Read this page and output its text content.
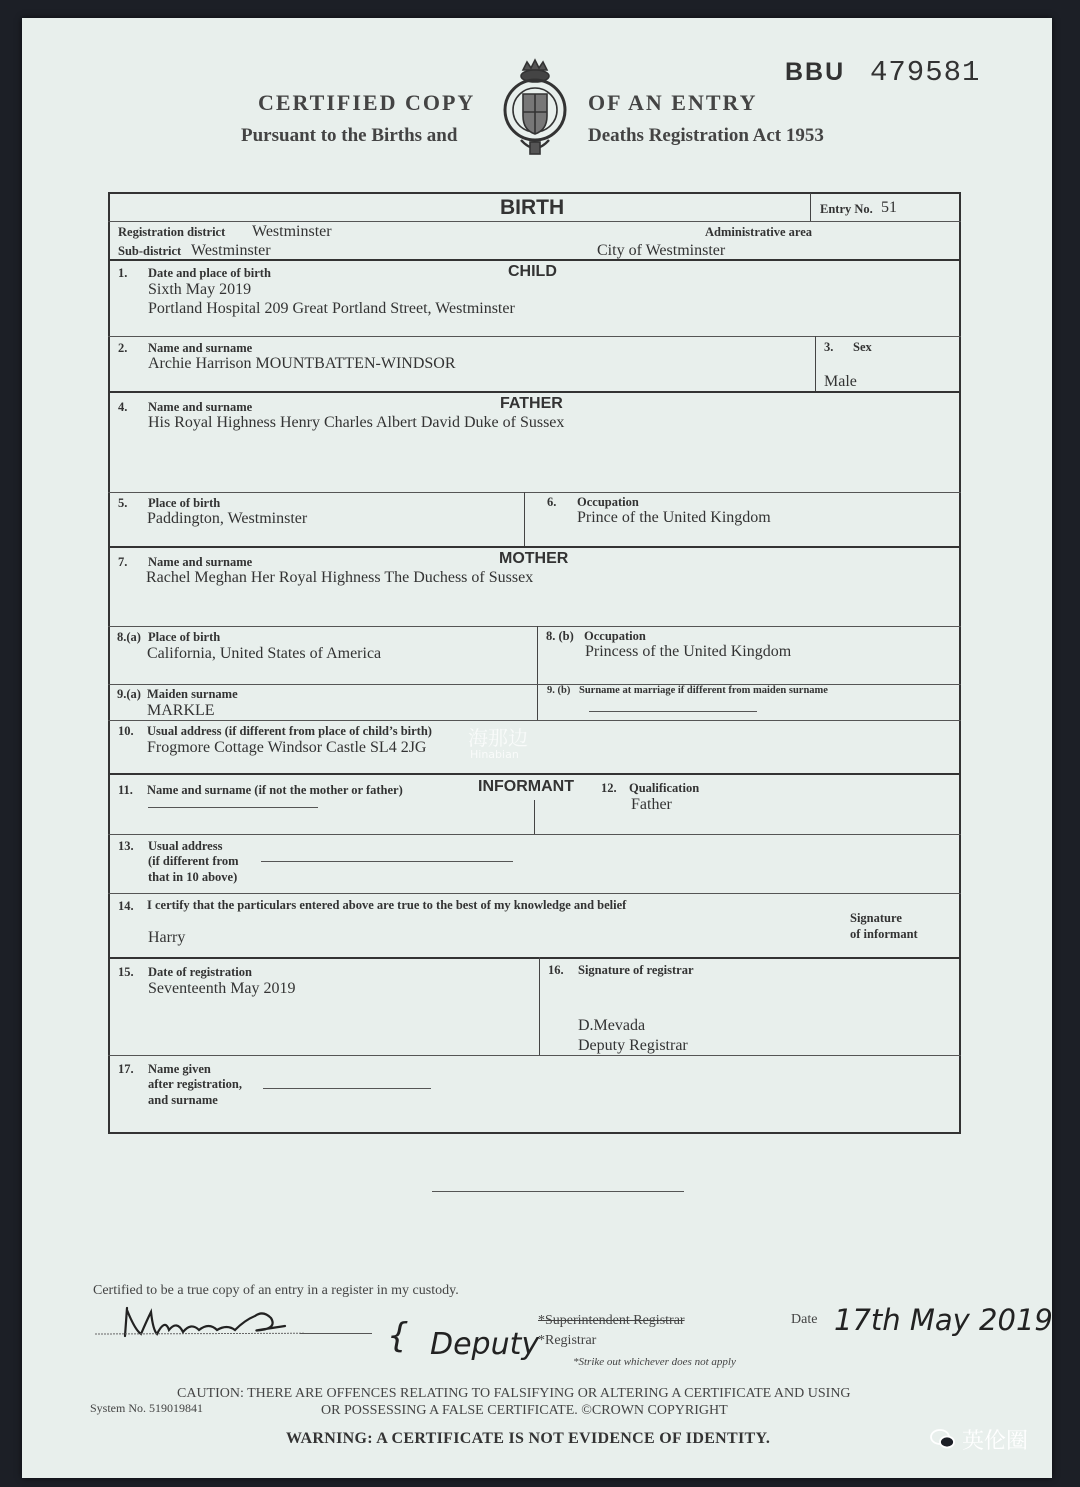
BBU 479581
CERTIFIED COPY
Pursuant to the Births and
OF AN ENTRY
Deaths Registration Act 1953
BIRTH	Entry No. 51
Registration district Westminster	Administrative area
Sub-district Westminster	City of Westminster
CHILD
1. Date and place of birth
Sixth May 2019
Portland Hospital 209 Great Portland Street, Westminster
2. Name and surname
Archie Harrison MOUNTBATTEN-WINDSOR
3. Sex
Male
FATHER
4. Name and surname
His Royal Highness Henry Charles Albert David Duke of Sussex
5. Place of birth
Paddington, Westminster
6. Occupation
Prince of the United Kingdom
MOTHER
7. Name and surname
Rachel Meghan Her Royal Highness The Duchess of Sussex
8.(a) Place of birth
California, United States of America
8. (b) Occupation
Princess of the United Kingdom
9.(a) Maiden surname
MARKLE
9. (b) Surname at marriage if different from maiden surname
10. Usual address (if different from place of child’s birth)
Frogmore Cottage Windsor Castle SL4 2JG
INFORMANT
11. Name and surname (if not the mother or father)	12. Qualification
Father
13. Usual address
(if different from
that in 10 above)
14. I certify that the particulars entered above are true to the best of my knowledge and belief
Harry
Signature
of informant
15. Date of registration
Seventeenth May 2019
16. Signature of registrar
D.Mevada
Deputy Registrar
17. Name given
after registration,
and surname
Certified to be a true copy of an entry in a register in my custody.
{ Deputy
*Superintendent Registrar
*Registrar
*Strike out whichever does not apply
Date 17th May 2019
System No. 519019841
CAUTION: THERE ARE OFFENCES RELATING TO FALSIFYING OR ALTERING A CERTIFICATE AND USING
OR POSSESSING A FALSE CERTIFICATE. ©CROWN COPYRIGHT
WARNING: A CERTIFICATE IS NOT EVIDENCE OF IDENTITY.
海那边
Hinabian
英伦圈
